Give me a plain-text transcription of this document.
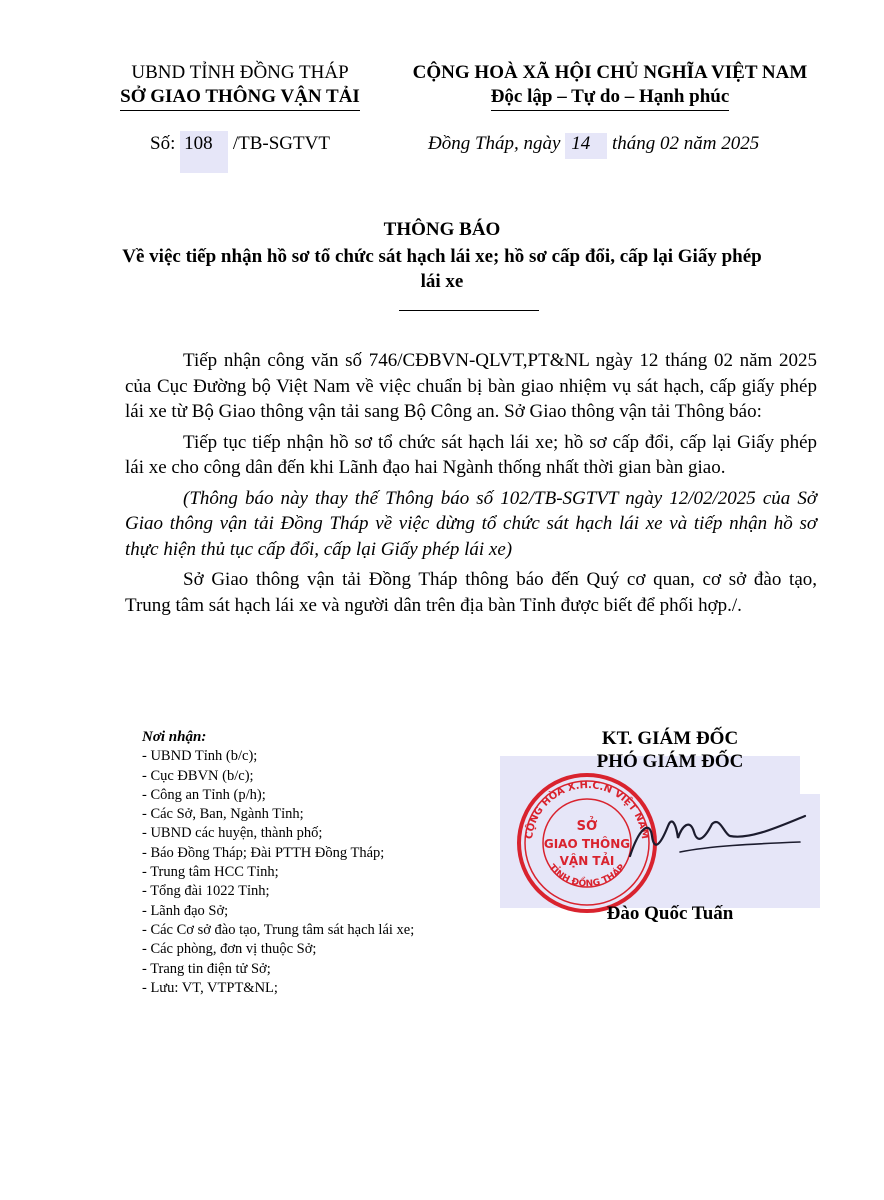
UBND TỈNH ĐỒNG THÁP
SỞ GIAO THÔNG VẬN TẢI
CỘNG HOÀ XÃ HỘI CHỦ NGHĨA VIỆT NAM
Độc lập – Tự do – Hạnh phúc
Số: 108 /TB-SGTVT	Đồng Tháp, ngày 14 tháng 02 năm 2025
THÔNG BÁO
Về việc tiếp nhận hồ sơ tổ chức sát hạch lái xe; hồ sơ cấp đổi, cấp lại Giấy phép lái xe

Tiếp nhận công văn số 746/CĐBVN-QLVT,PT&NL ngày 12 tháng 02 năm 2025 của Cục Đường bộ Việt Nam về việc chuẩn bị bàn giao nhiệm vụ sát hạch, cấp giấy phép lái xe từ Bộ Giao thông vận tải sang Bộ Công an. Sở Giao thông vận tải Thông báo:

Tiếp tục tiếp nhận hồ sơ tổ chức sát hạch lái xe; hồ sơ cấp đổi, cấp lại Giấy phép lái xe cho công dân đến khi Lãnh đạo hai Ngành thống nhất thời gian bàn giao.

(Thông báo này thay thế Thông báo số 102/TB-SGTVT ngày 12/02/2025 của Sở Giao thông vận tải Đồng Tháp về việc dừng tổ chức sát hạch lái xe và tiếp nhận hồ sơ thực hiện thủ tục cấp đổi, cấp lại Giấy phép lái xe)

Sở Giao thông vận tải Đồng Tháp thông báo đến Quý cơ quan, cơ sở đào tạo, Trung tâm sát hạch lái xe và người dân trên địa bàn Tỉnh được biết để phối hợp./.

Nơi nhận:
- UBND Tỉnh (b/c);
- Cục ĐBVN (b/c);
- Công an Tỉnh (p/h);
- Các Sở, Ban, Ngành Tỉnh;
- UBND các huyện, thành phố;
- Báo Đồng Tháp; Đài PTTH Đồng Tháp;
- Trung tâm HCC Tỉnh;
- Tổng đài 1022 Tỉnh;
- Lãnh đạo Sở;
- Các Cơ sở đào tạo, Trung tâm sát hạch lái xe;
- Các phòng, đơn vị thuộc Sở;
- Trang tin điện tử Sở;
- Lưu: VT, VTPT&NL;
KT. GIÁM ĐỐC
PHÓ GIÁM ĐỐC
CỘNG HÒA X.H.C.N VIỆT NAM
TỈNH ĐỒNG THÁP
SỞ
GIAO THÔNG
VẬN TẢI
Đào Quốc Tuấn
